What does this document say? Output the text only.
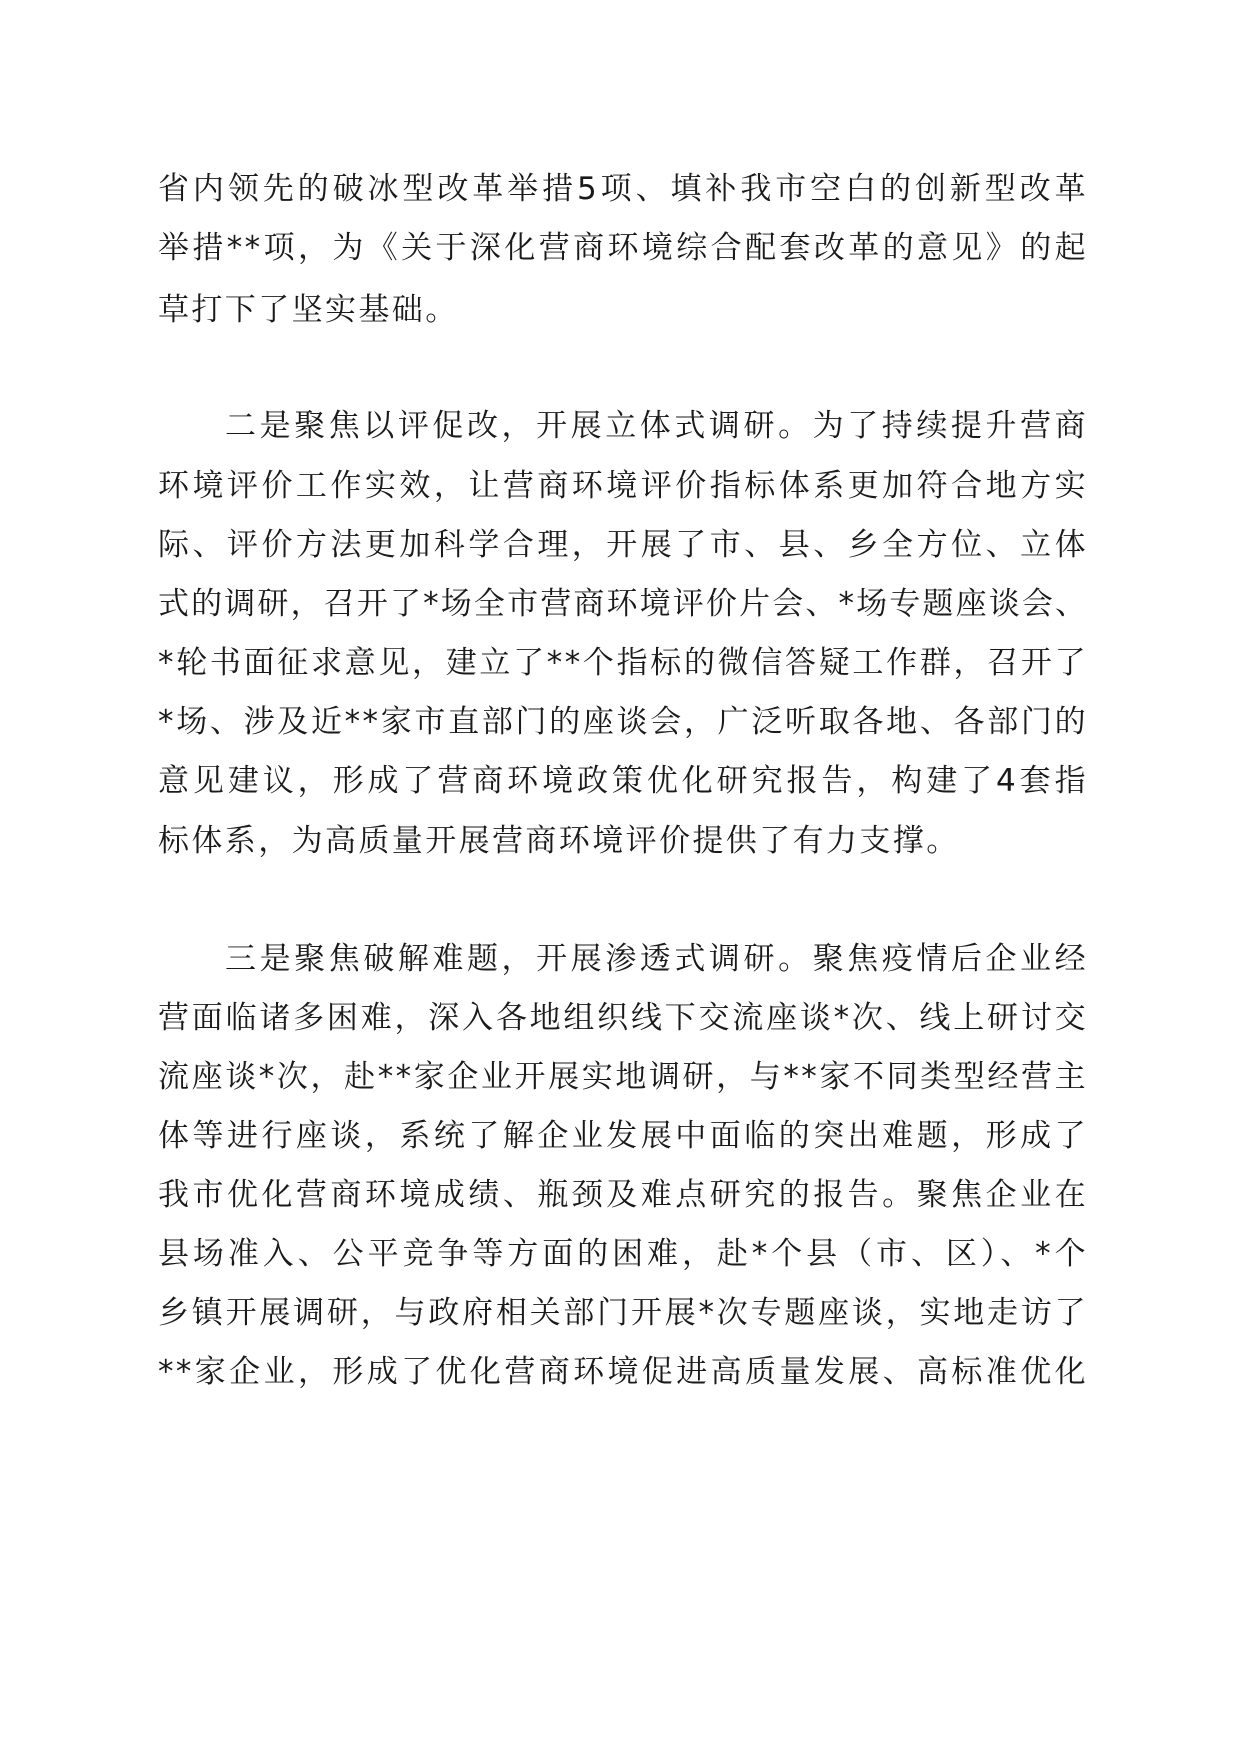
省内领先的破冰型改革举措5项、填补我市空白的创新型改革
举措**项，为《关于深化营商环境综合配套改革的意见》的起
草打下了坚实基础。
二是聚焦以评促改，开展立体式调研。为了持续提升营商
环境评价工作实效，让营商环境评价指标体系更加符合地方实
际、评价方法更加科学合理，开展了市、县、乡全方位、立体
式的调研，召开了*场全市营商环境评价片会、*场专题座谈会、
*轮书面征求意见，建立了**个指标的微信答疑工作群，召开了
*场、涉及近**家市直部门的座谈会，广泛听取各地、各部门的
意见建议，形成了营商环境政策优化研究报告，构建了4套指
标体系，为高质量开展营商环境评价提供了有力支撑。
三是聚焦破解难题，开展渗透式调研。聚焦疫情后企业经
营面临诸多困难，深入各地组织线下交流座谈*次、线上研讨交
流座谈*次，赴**家企业开展实地调研，与**家不同类型经营主
体等进行座谈，系统了解企业发展中面临的突出难题，形成了
我市优化营商环境成绩、瓶颈及难点研究的报告。聚焦企业在
县场准入、公平竞争等方面的困难，赴*个县（市、区）、*个
乡镇开展调研，与政府相关部门开展*次专题座谈，实地走访了
**家企业，形成了优化营商环境促进高质量发展、高标准优化
